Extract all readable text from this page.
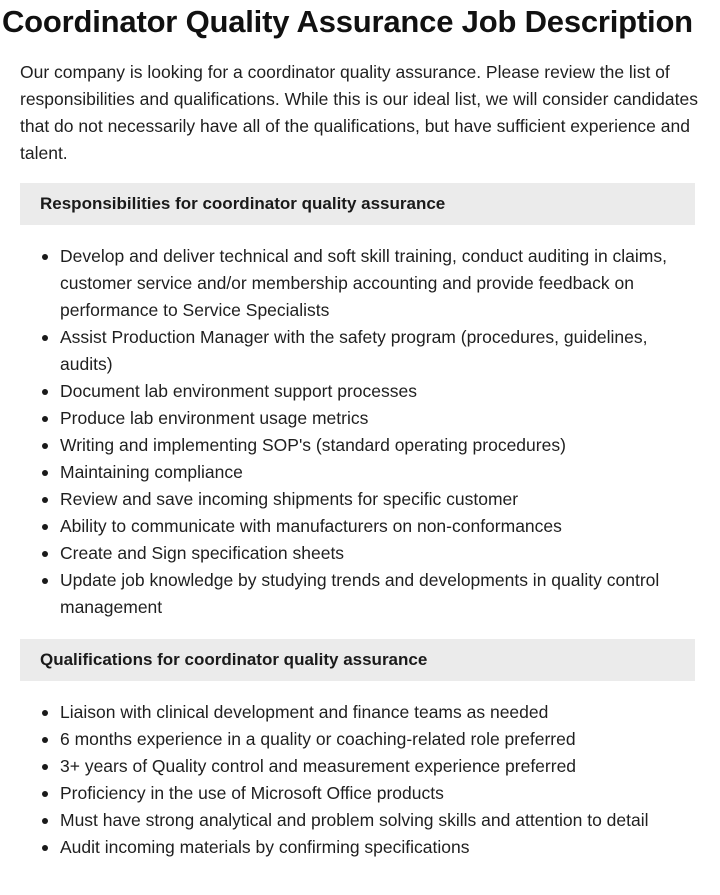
Coordinator Quality Assurance Job Description

Our company is looking for a coordinator quality assurance. Please review the list of responsibilities and qualifications. While this is our ideal list, we will consider candidates that do not necessarily have all of the qualifications, but have sufficient experience and talent.

Responsibilities for coordinator quality assurance
Develop and deliver technical and soft skill training, conduct auditing in claims, customer service and/or membership accounting and provide feedback on performance to Service Specialists
Assist Production Manager with the safety program (procedures, guidelines, audits)
Document lab environment support processes
Produce lab environment usage metrics
Writing and implementing SOP's (standard operating procedures)
Maintaining compliance
Review and save incoming shipments for specific customer
Ability to communicate with manufacturers on non-conformances
Create and Sign specification sheets
Update job knowledge by studying trends and developments in quality control management
Qualifications for coordinator quality assurance
Liaison with clinical development and finance teams as needed
6 months experience in a quality or coaching-related role preferred
3+ years of Quality control and measurement experience preferred
Proficiency in the use of Microsoft Office products
Must have strong analytical and problem solving skills and attention to detail
Audit incoming materials by confirming specifications
